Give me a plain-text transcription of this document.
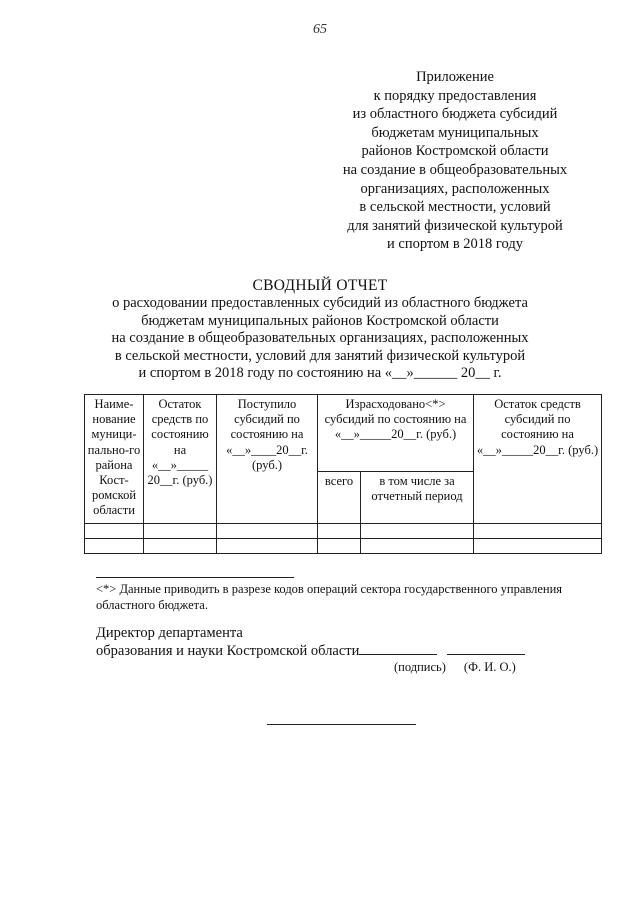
65
Приложение
к порядку предоставления
из областного бюджета субсидий
бюджетам муниципальных
районов Костромской области
на создание в общеобразовательных
организациях, расположенных
в сельской местности, условий
для занятий физической культурой
и спортом в 2018 году
СВОДНЫЙ ОТЧЕТ
о расходовании предоставленных субсидий из областного бюджета
бюджетам муниципальных районов Костромской области
на создание в общеобразовательных организациях, расположенных
в сельской местности, условий для занятий физической культурой
и спортом в 2018 году по состоянию на «__»______ 20__ г.
Наиме-нование муници-пально-го района Кост-ромской области	Остаток средств по состоянию на «__»_____ 20__г. (руб.)	Поступило субсидий по состоянию на «__»____20__г. (руб.)	Израсходовано<*> субсидий по состоянию на «__»_____20__г. (руб.)		Остаток средств субсидий по состоянию на «__»_____20__г. (руб.)
			всего	в том числе за отчетный период	

<*> Данные приводить в разрезе кодов операций сектора государственного управления областного бюджета.
Директор департамента
образования и науки Костромской области
(подпись) (Ф. И. О.)
